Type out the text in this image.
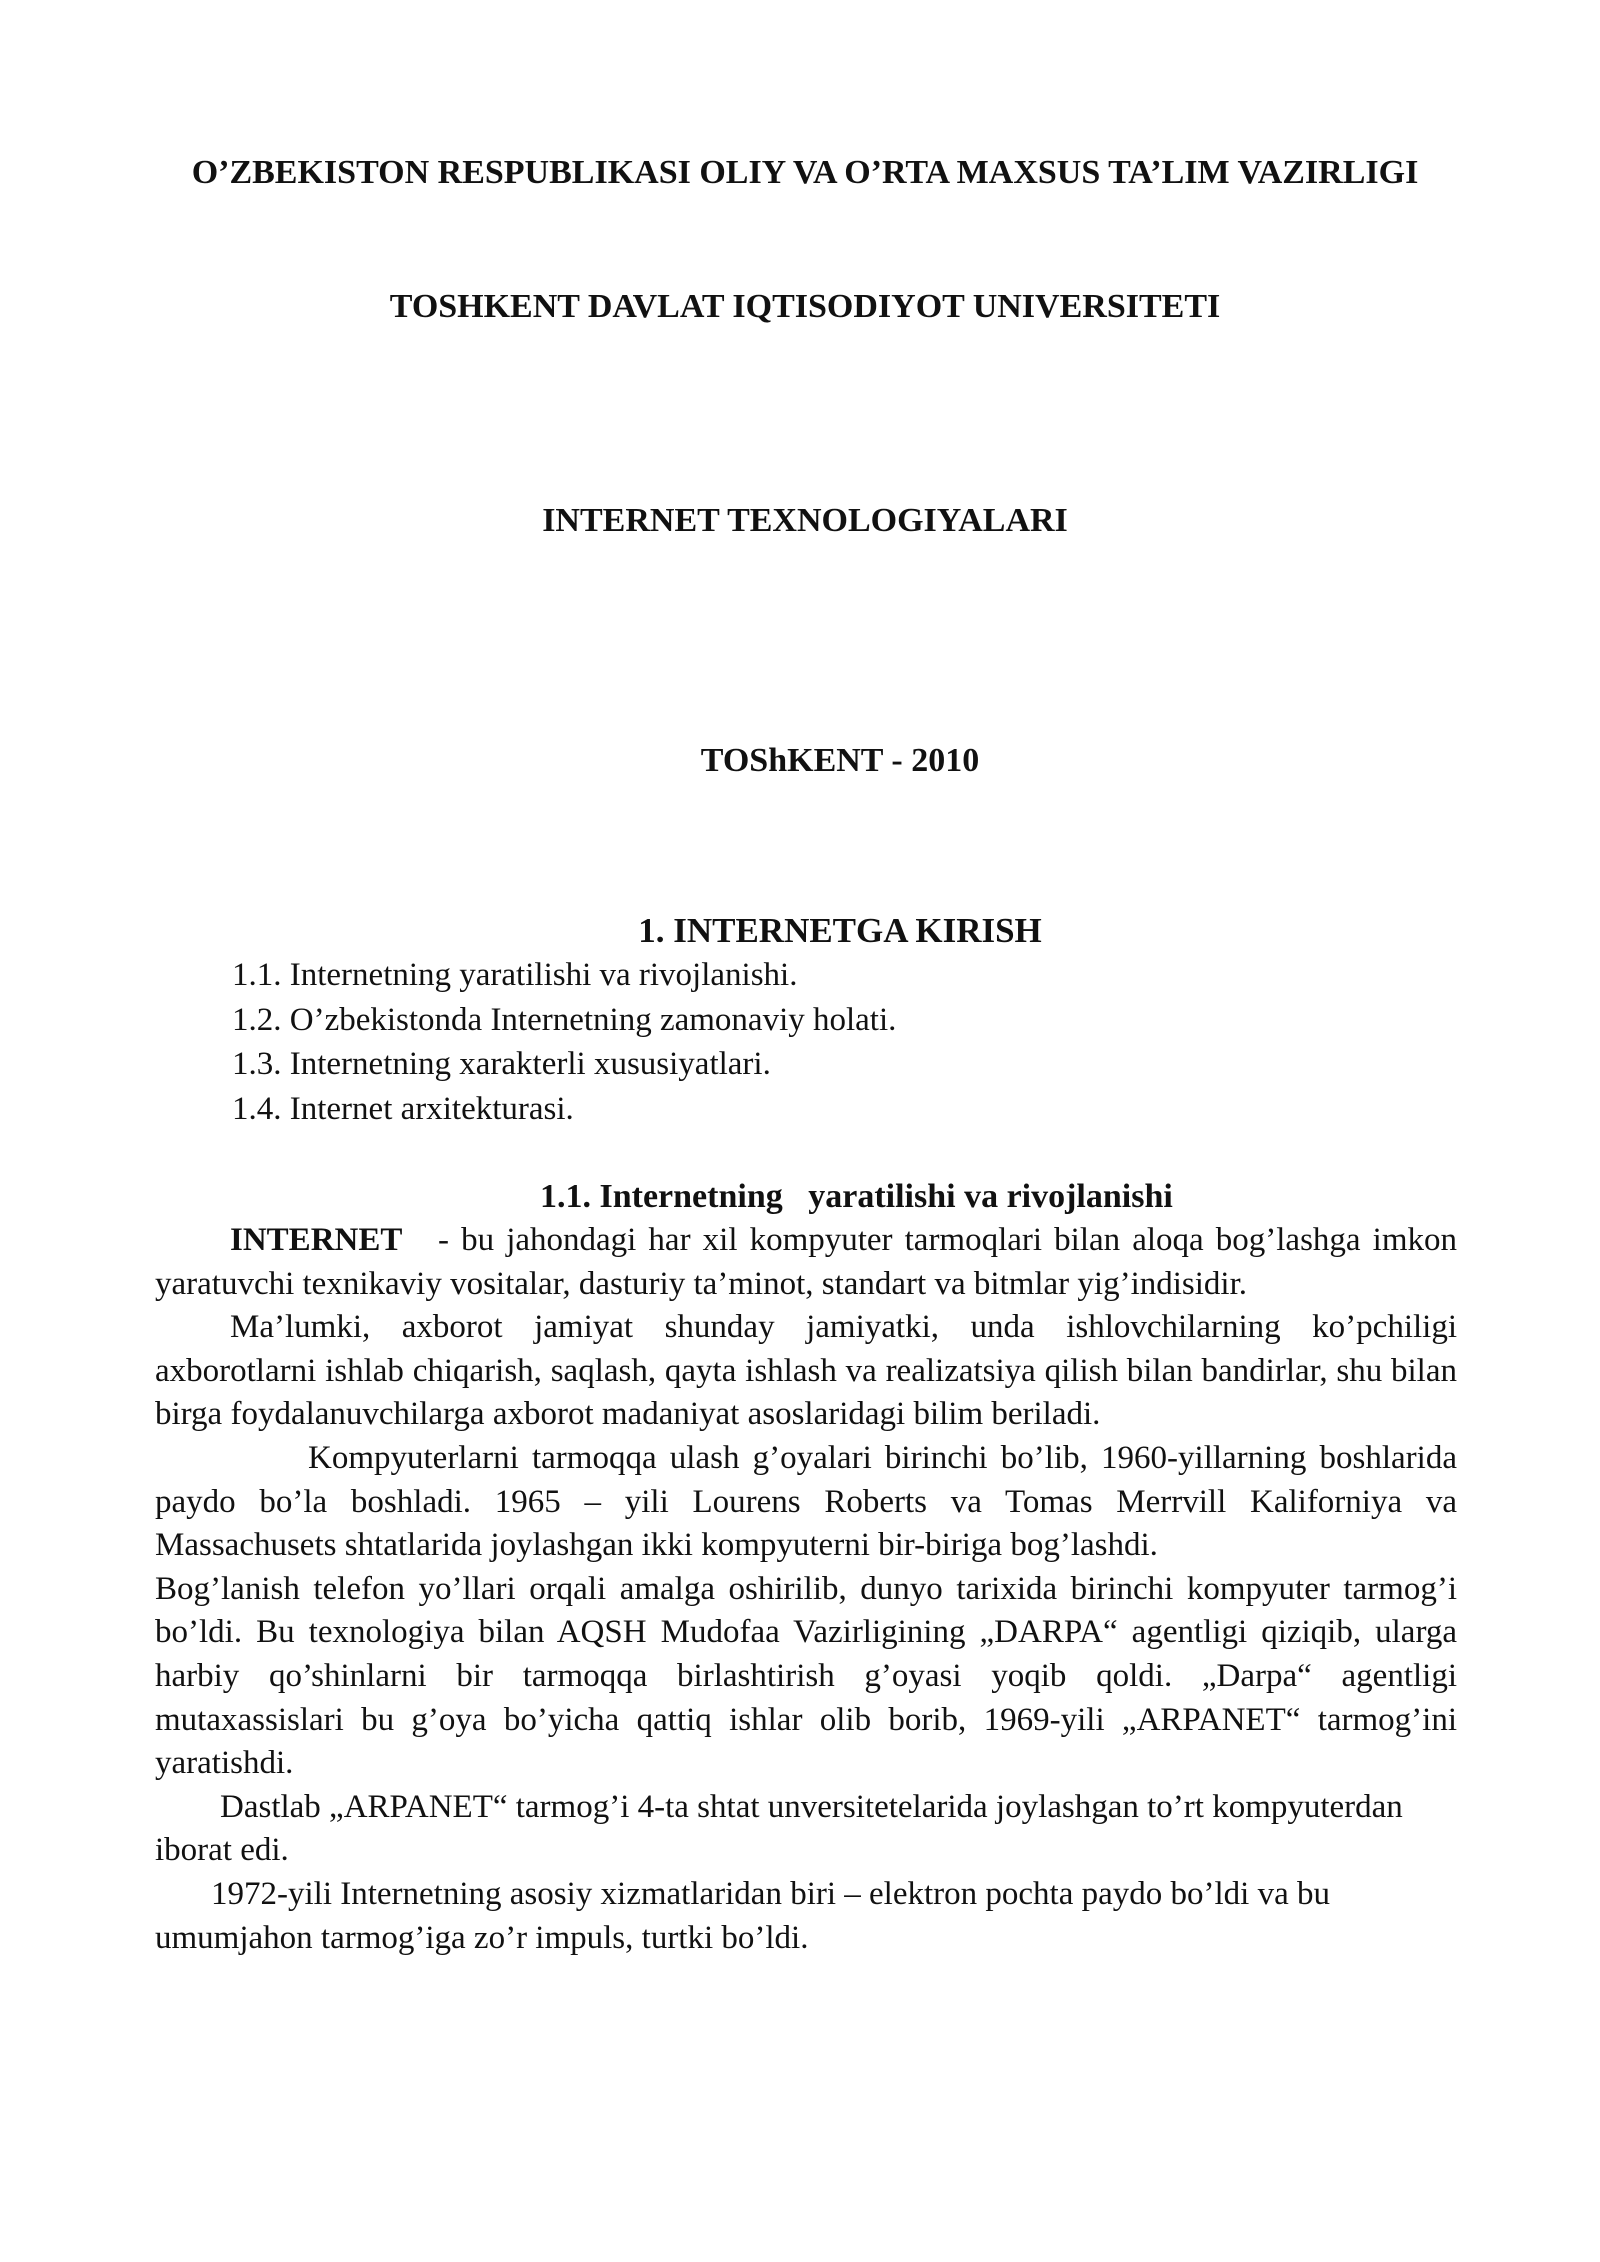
O’ZBEKISTON RESPUBLIKASI OLIY VA O’RTA MAXSUS TA’LIM VAZIRLIGI
TOSHKENT DAVLAT IQTISODIYOT UNIVERSITETI
INTERNET TEXNOLOGIYALARI
TOShKENT - 2010
1. INTERNETGA KIRISH
1.1. Internetning yaratilishi va rivojlanishi.
1.2. O’zbekistonda Internetning zamonaviy holati.
1.3. Internetning xarakterli xususiyatlari.
1.4. Internet arxitekturasi.
1.1. Internetning   yaratilishi va rivojlanishi

INTERNET   - bu jahondagi har xil kompyuter tarmoqlari bilan aloqa bog’lashga imkon yaratuvchi texnikaviy vositalar, dasturiy ta’minot, standart va bitmlar yig’indisidir.

Ma’lumki, axborot jamiyat shunday jamiyatki, unda ishlovchilarning ko’pchiligi axborotlarni ishlab chiqarish, saqlash, qayta ishlash va realizatsiya qilish bilan bandirlar, shu bilan birga foydalanuvchilarga axborot madaniyat asoslaridagi bilim beriladi.

Kompyuterlarni tarmoqqa ulash g’oyalari birinchi bo’lib, 1960-yillarning boshlarida paydo bo’la boshladi. 1965 – yili Lourens Roberts va Tomas Merrvill Kaliforniya va Massachusets shtatlarida joylashgan ikki kompyuterni bir-biriga bog’lashdi.

Bog’lanish telefon yo’llari orqali amalga oshirilib, dunyo tarixida birinchi kompyuter tarmog’i bo’ldi. Bu texnologiya bilan AQSH Mudofaa Vazirligining „DARPA“ agentligi qiziqib, ularga harbiy qo’shinlarni bir tarmoqqa birlashtirish g’oyasi yoqib qoldi. „Darpa“ agentligi mutaxassislari bu g’oya bo’yicha qattiq ishlar olib borib, 1969-yili „ARPANET“ tarmog’ini yaratishdi.

Dastlab „ARPANET“ tarmog’i 4-ta shtat unversitetelarida joylashgan to’rt kompyuterdan iborat edi.

1972-yili Internetning asosiy xizmatlaridan biri – elektron pochta paydo bo’ldi va bu umumjahon tarmog’iga zo’r impuls, turtki bo’ldi.
